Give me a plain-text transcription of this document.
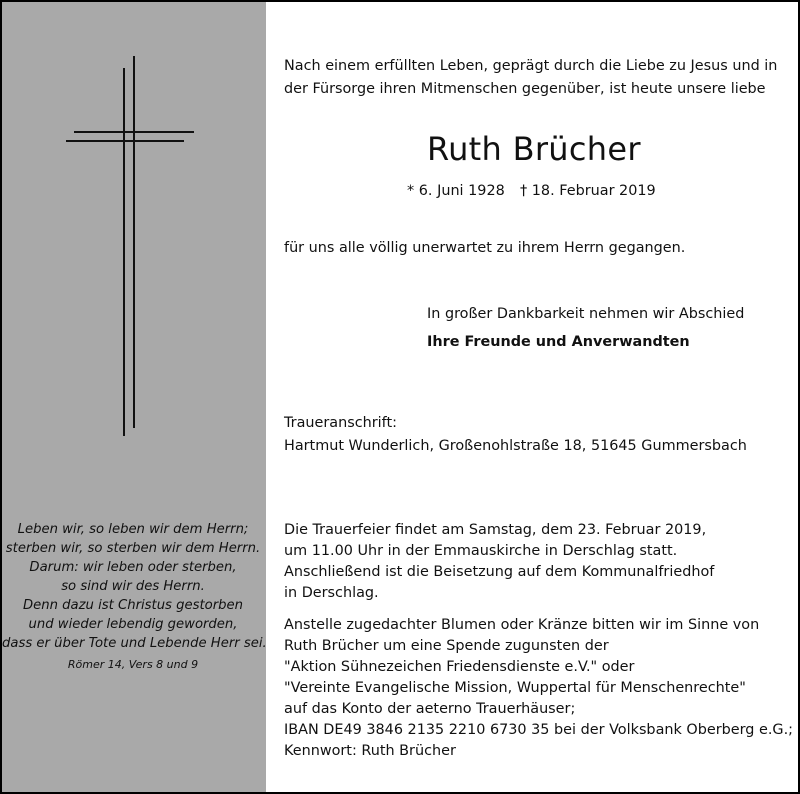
Leben wir, so leben wir dem Herrn;
sterben wir, so sterben wir dem Herrn.
Darum: wir leben oder sterben,
so sind wir des Herrn.
Denn dazu ist Christus gestorben
und wieder lebendig geworden,
dass er über Tote und Lebende Herr sei.
Römer 14, Vers 8 und 9
Nach einem erfüllten Leben, geprägt durch die Liebe zu Jesus und in
der Fürsorge ihren Mitmenschen gegenüber, ist heute unsere liebe
Ruth Brücher
* 6. Juni 1928 † 18. Februar 2019
für uns alle völlig unerwartet zu ihrem Herrn gegangen.
In großer Dankbarkeit nehmen wir Abschied
Ihre Freunde und Anverwandten
Traueranschrift:
Hartmut Wunderlich, Großenohlstraße 18, 51645 Gummersbach
Die Trauerfeier findet am Samstag, dem 23. Februar 2019,
um 11.00 Uhr in der Emmauskirche in Derschlag statt.
Anschließend ist die Beisetzung auf dem Kommunalfriedhof
in Derschlag.
Anstelle zugedachter Blumen oder Kränze bitten wir im Sinne von
Ruth Brücher um eine Spende zugunsten der
"Aktion Sühnezeichen Friedensdienste e.V." oder
"Vereinte Evangelische Mission, Wuppertal für Menschenrechte"
auf das Konto der aeterno Trauerhäuser;
IBAN DE49 3846 2135 2210 6730 35 bei der Volksbank Oberberg e.G.;
Kennwort: Ruth Brücher
